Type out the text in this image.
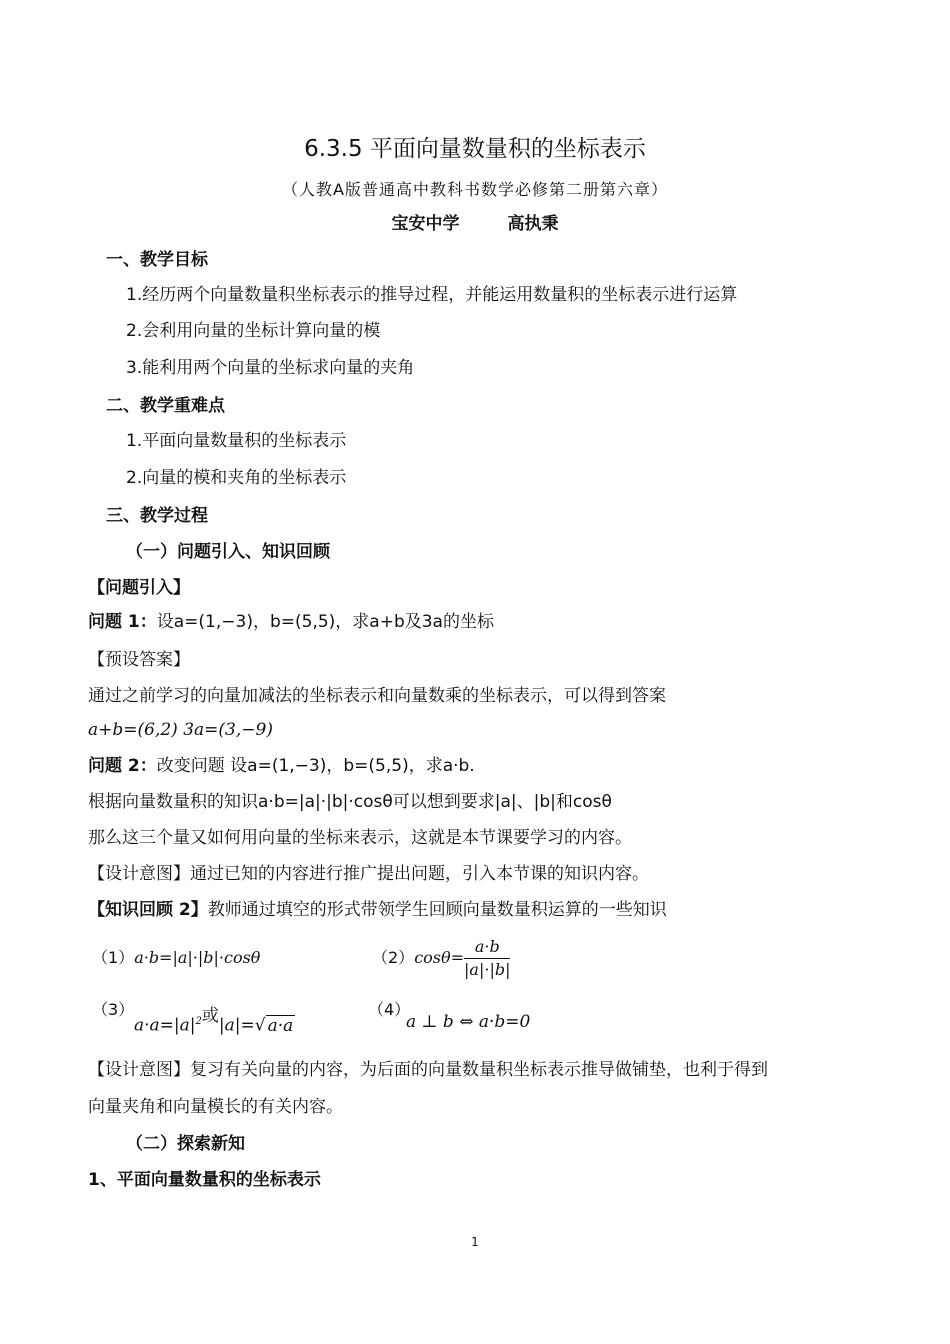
6.3.5 平面向量数量积的坐标表示
（人教A版普通高中教科书数学必修第二册第六章）
宝安中学	高执秉
一、教学目标
1.经历两个向量数量积坐标表示的推导过程，并能运用数量积的坐标表示进行运算
2.会利用向量的坐标计算向量的模
3.能利用两个向量的坐标求向量的夹角
二、教学重难点
1.平面向量数量积的坐标表示
2.向量的模和夹角的坐标表示
三、教学过程
（一）问题引入、知识回顾
【问题引入】
问题 1：设a=(1,−3)，b=(5,5)，求a+b及3a的坐标
【预设答案】
通过之前学习的向量加减法的坐标表示和向量数乘的坐标表示，可以得到答案
a+b=(6,2) 3a=(3,−9)
问题 2：改变问题 设a=(1,−3)，b=(5,5)，求a·b.
根据向量数量积的知识a·b=|a|·|b|·cosθ可以想到要求|a|、|b|和cosθ
那么这三个量又如何用向量的坐标来表示，这就是本节课要学习的内容。
【设计意图】通过已知的内容进行推广提出问题，引入本节课的知识内容。
【知识回顾 2】教师通过填空的形式带领学生回顾向量数量积运算的一些知识
（1）a·b=|a|·|b|·cosθ	$(2)\cos\theta= \frac{a\cdot b}{|a|\cdot|b|}$
（3）
$a\cdot a=|a|^2$或|a|=√ a·a
（4）
a ⊥ b ⇔ a·b=0
【设计意图】复习有关向量的内容，为后面的向量数量积坐标表示推导做铺垫，也利于得到
向量夹角和向量模长的有关内容。
（二）探索新知
1、平面向量数量积的坐标表示
1
